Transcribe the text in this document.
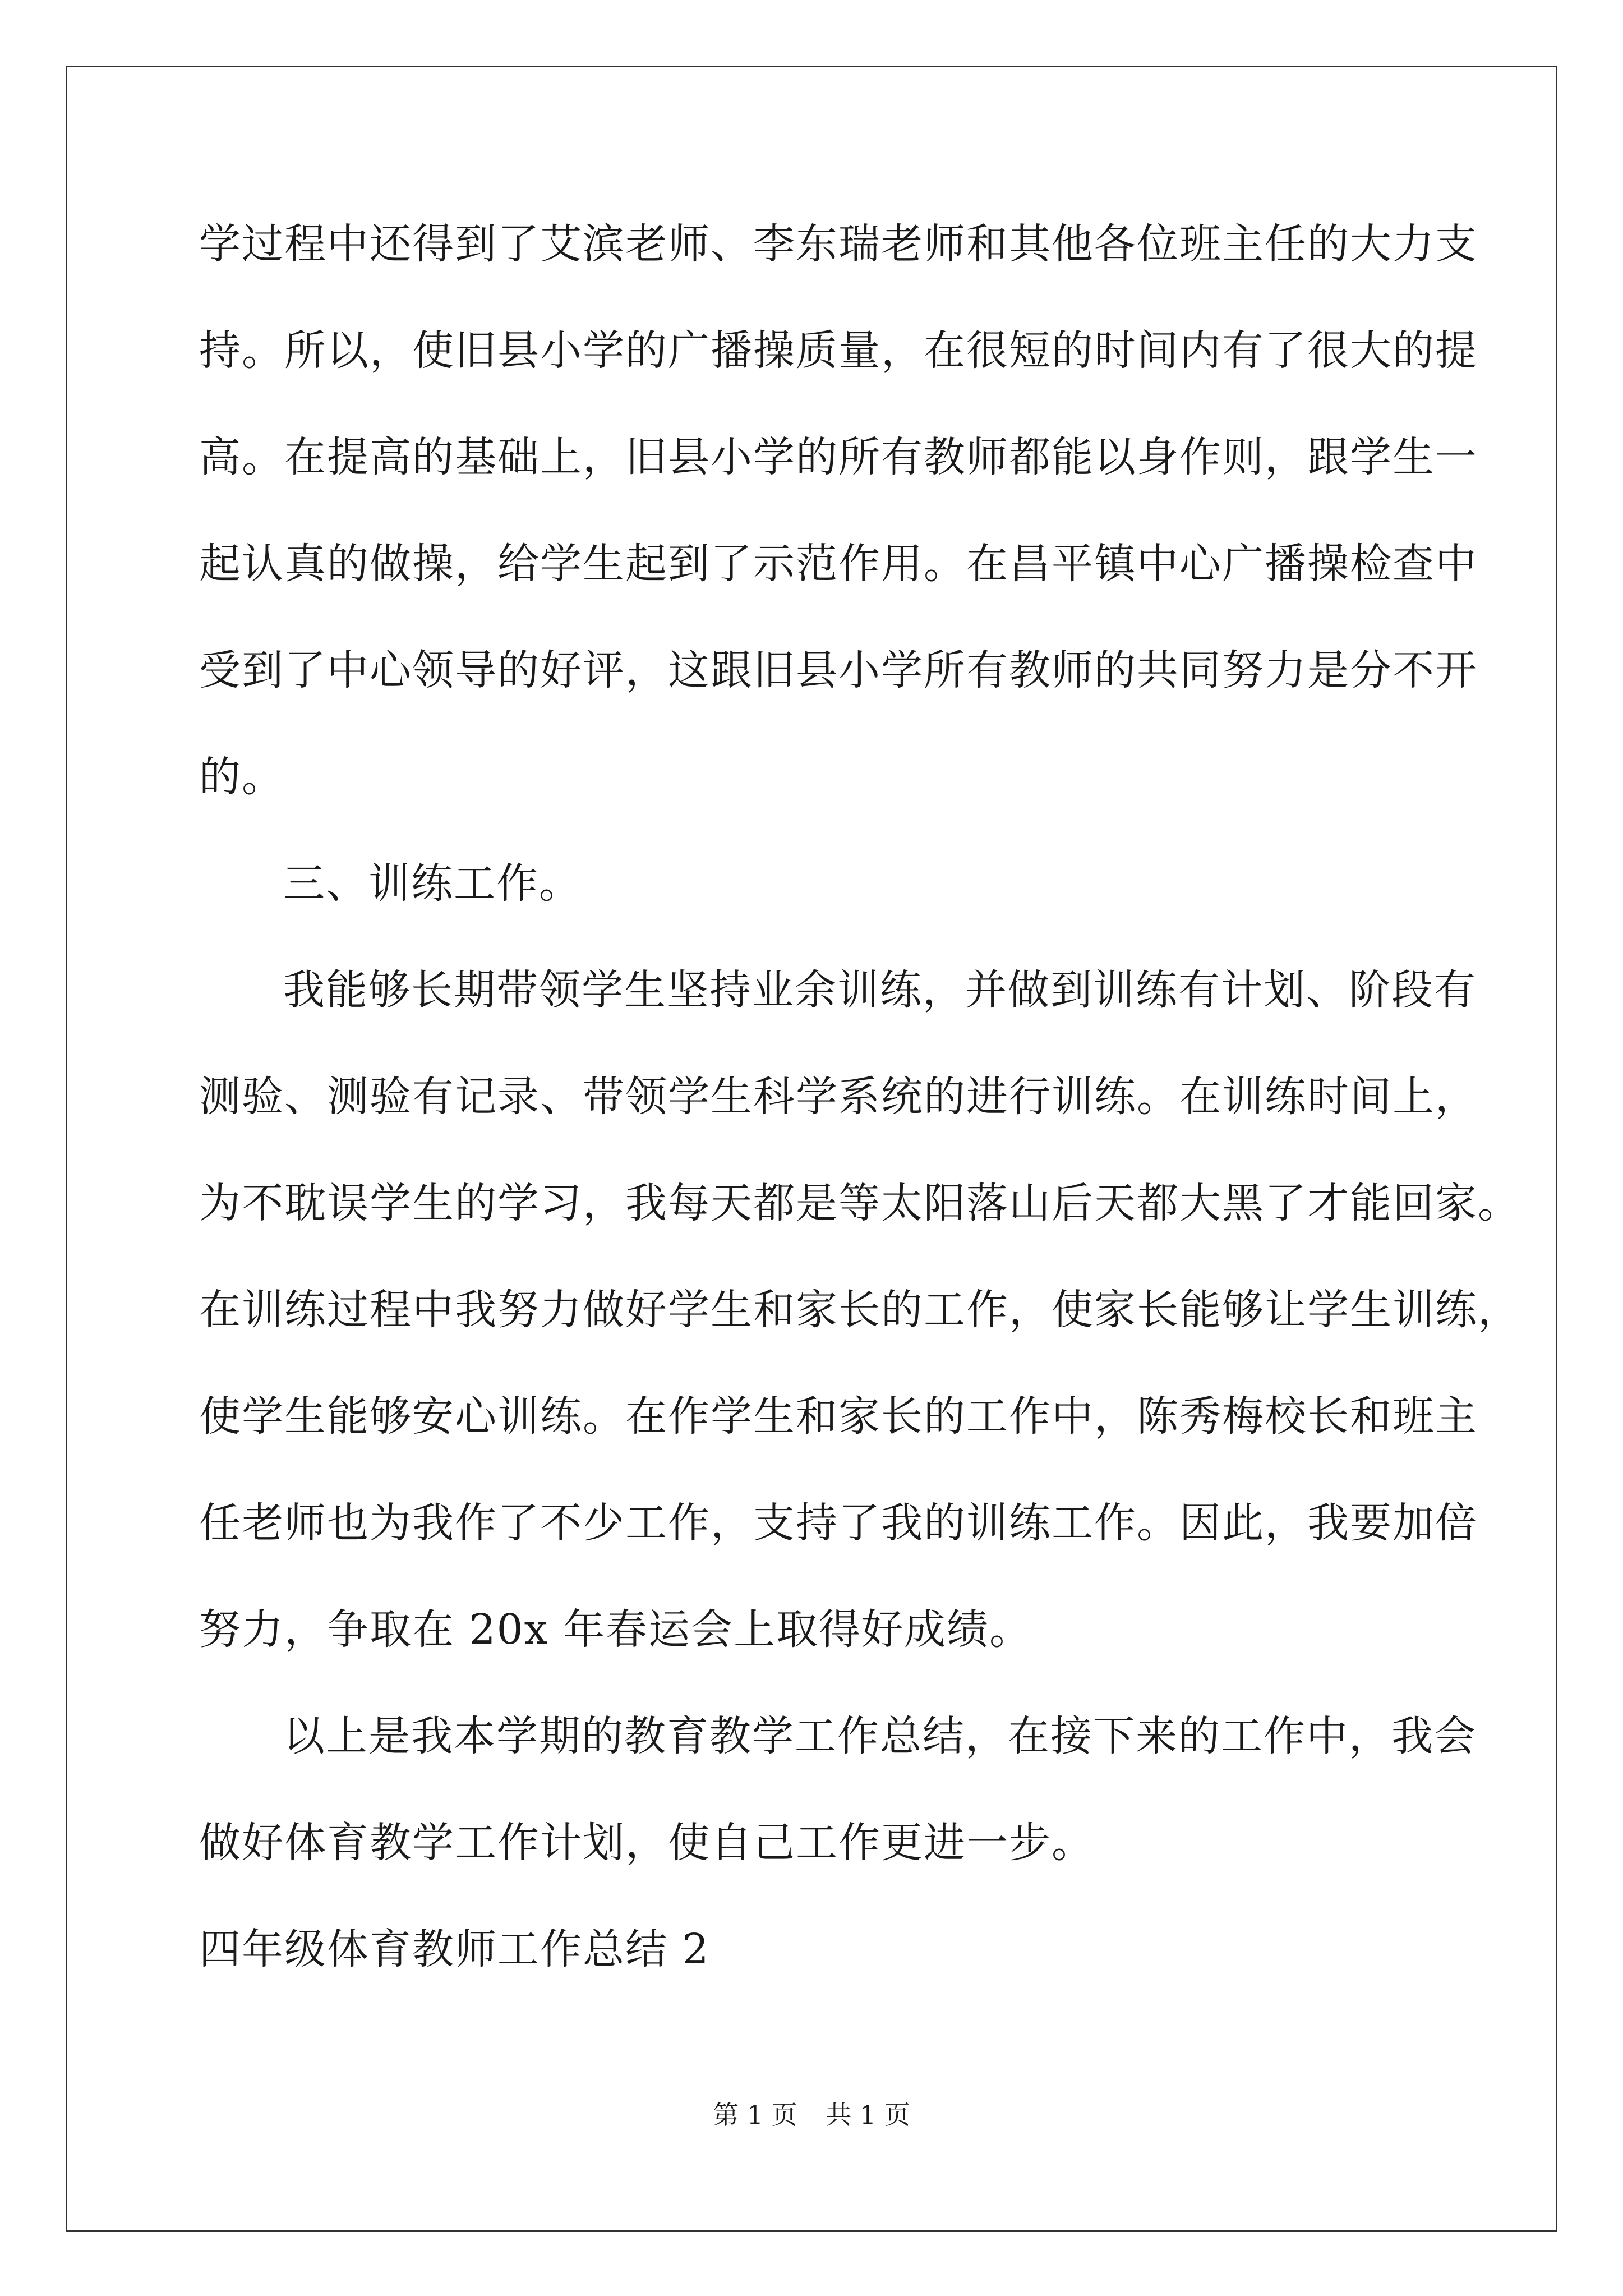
学过程中还得到了艾滨老师、李东瑞老师和其他各位班主任的大力支
持。所以，使旧县小学的广播操质量，在很短的时间内有了很大的提
高。在提高的基础上，旧县小学的所有教师都能以身作则，跟学生一
起认真的做操，给学生起到了示范作用。在昌平镇中心广播操检查中
受到了中心领导的好评，这跟旧县小学所有教师的共同努力是分不开
的。
三、训练工作。
我能够长期带领学生坚持业余训练，并做到训练有计划、阶段有
测验、测验有记录、带领学生科学系统的进行训练。在训练时间上，
为不耽误学生的学习，我每天都是等太阳落山后天都大黑了才能回家。
在训练过程中我努力做好学生和家长的工作，使家长能够让学生训练，
使学生能够安心训练。在作学生和家长的工作中，陈秀梅校长和班主
任老师也为我作了不少工作，支持了我的训练工作。因此，我要加倍
努力，争取在 20x 年春运会上取得好成绩。
以上是我本学期的教育教学工作总结，在接下来的工作中，我会
做好体育教学工作计划，使自己工作更进一步。
四年级体育教师工作总结 2
第 1 页 共 1 页
